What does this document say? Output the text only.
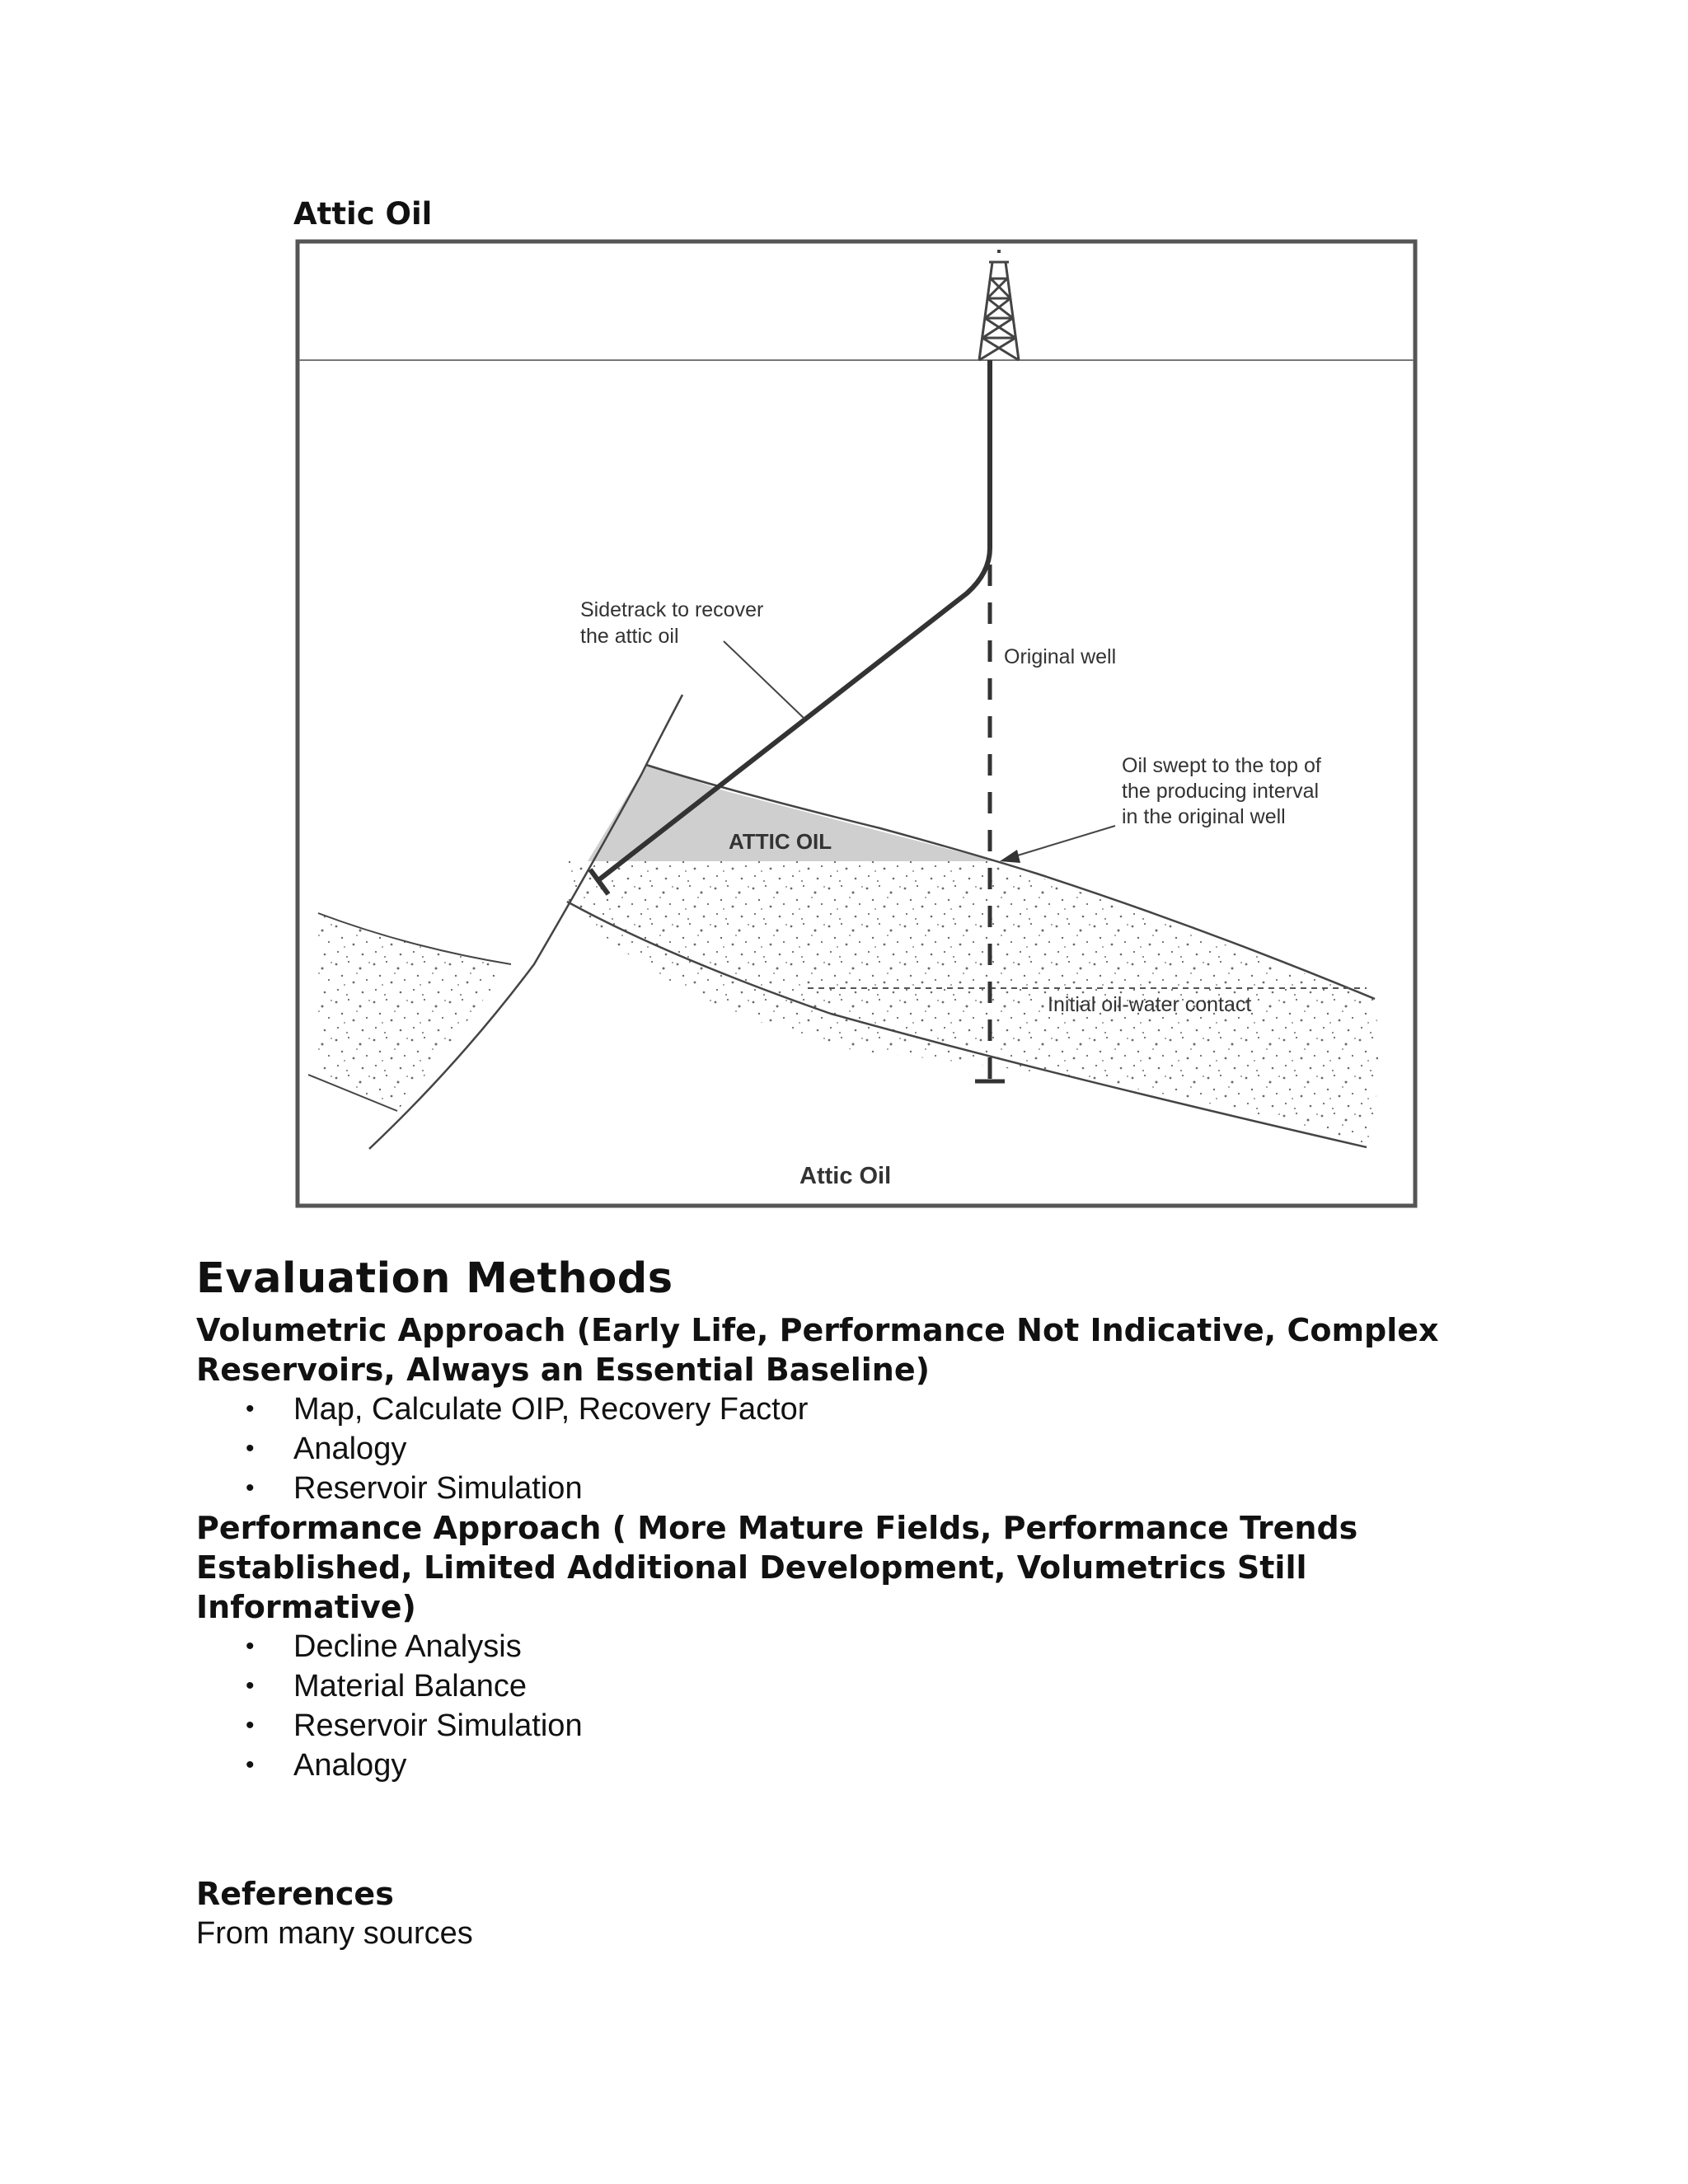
Attic Oil
Sidetrack to recover
the attic oil
Original well
Oil swept to the top of
the producing interval
in the original well
ATTIC OIL
Initial oil-water contact
Attic Oil
Evaluation Methods

Volumetric Approach (Early Life, Performance Not Indicative, Complex

Reservoirs, Always an Essential Baseline)

• Map, Calculate OIP, Recovery Factor
• Analogy
• Reservoir Simulation

Performance Approach ( More Mature Fields, Performance Trends

Established, Limited Additional Development, Volumetrics Still Informative)

• Decline Analysis
• Material Balance
• Reservoir Simulation
• Analogy
References

From many sources
